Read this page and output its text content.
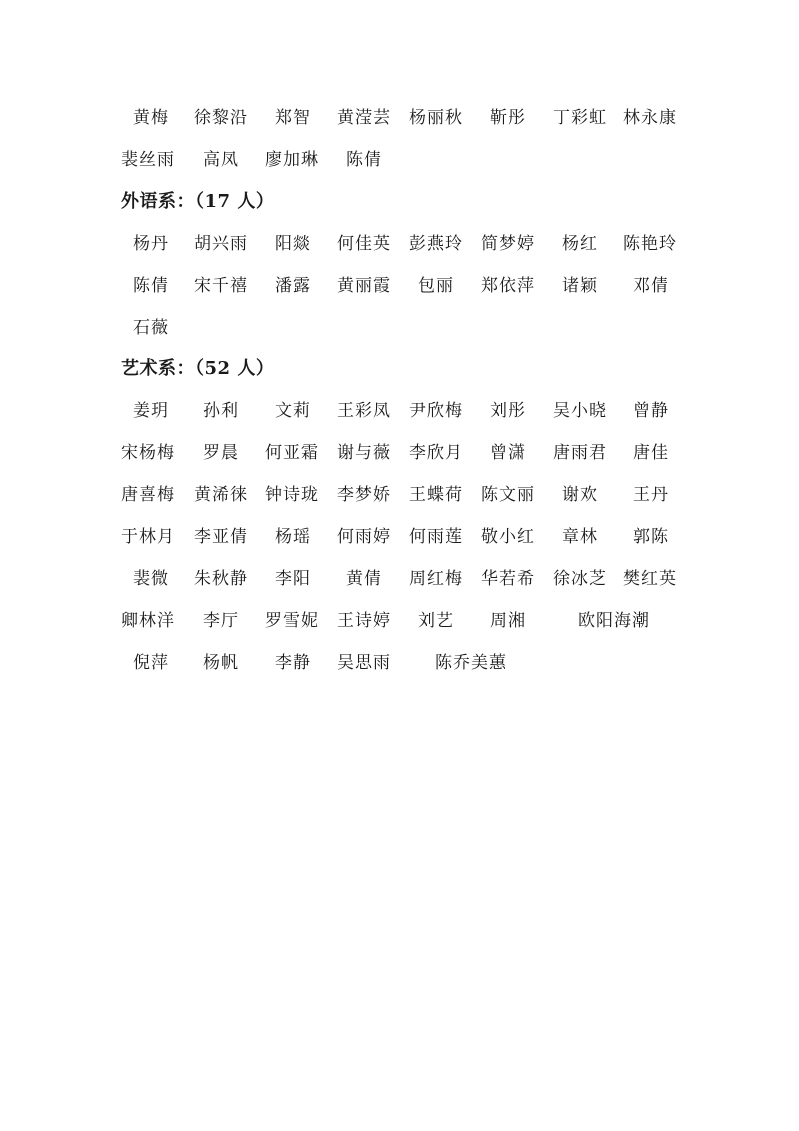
黄梅 徐黎沿 郑智 黄滢芸 杨丽秋 靳彤 丁彩虹 林永康
裴丝雨 高凤 廖加琳 陈倩
外语系：（17 人）
杨丹 胡兴雨 阳燚 何佳英 彭燕玲 简梦婷 杨红 陈艳玲
陈倩 宋千禧 潘露 黄丽霞 包丽 郑依萍 诸颖 邓倩
石薇
艺术系：（52 人）
姜玥 孙利 文莉 王彩凤 尹欣梅 刘彤 吴小晓 曾静
宋杨梅 罗晨 何亚霜 谢与薇 李欣月 曾潇 唐雨君 唐佳
唐喜梅 黄浠徕 钟诗珑 李梦娇 王蝶荷 陈文丽 谢欢 王丹
于林月 李亚倩 杨瑶 何雨婷 何雨莲 敬小红 章林 郭陈
裴微 朱秋静 李阳 黄倩 周红梅 华若希 徐冰芝 樊红英
卿林洋 李厅 罗雪妮 王诗婷 刘艺 周湘	欧阳海潮
倪萍 杨帆 李静 吴思雨	陈乔美蕙
